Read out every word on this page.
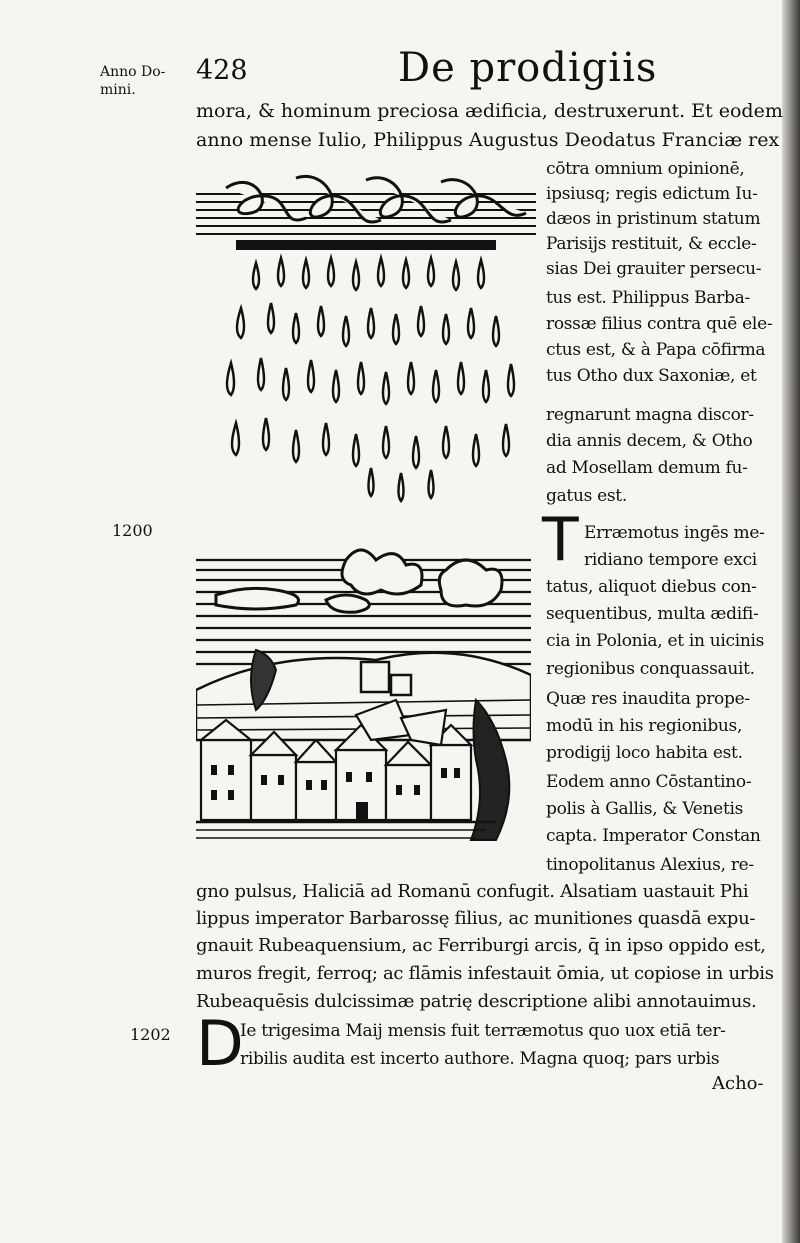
Anno Do-
mini.
428	De prodigiis
mora, & hominum preciosa ædificia, destruxerunt. Et eodem
anno mense Iulio, Philippus Augustus Deodatus Franciæ rex
cōtra omnium opinionē,
ipsiusq; regis edictum Iu-
dæos in pristinum statum
Parisijs restituit, & eccle-
sias Dei grauiter persecu-
tus est. Philippus Barba-
rossæ filius contra quē ele-
ctus est, & à Papa cōfirma
tus Otho dux Saxoniæ, et
regnarunt magna discor-
dia annis decem, & Otho
ad Mosellam demum fu-
gatus est.
1200	T Erræmotus ingēs me-
ridiano tempore exci
tatus, aliquot diebus con-
sequentibus, multa ædifi-
cia in Polonia, et in uicinis
regionibus conquassauit.
Quæ res inaudita prope-
modū in his regionibus,
prodigij loco habita est.
Eodem anno Cōstantino-
polis à Gallis, & Venetis
capta. Imperator Constan
tinopolitanus Alexius, re-
gno pulsus, Haliciā ad Romanū confugit. Alsatiam uastauit Phi
lippus imperator Barbarossę filius, ac munitiones quasdā expu-
gnauit Rubeaquensium, ac Ferriburgi arcis, q̄ in ipso oppido est,
muros fregit, ferroq; ac flāmis infestauit ōmia, ut copiose in urbis
Rubeaquēsis dulcissimæ patrię descriptione alibi annotauimus.
1202 D
Ie trigesima Maij mensis fuit terræmotus quo uox etiā ter-
ribilis audita est incerto authore. Magna quoq; pars urbis
Acho-
